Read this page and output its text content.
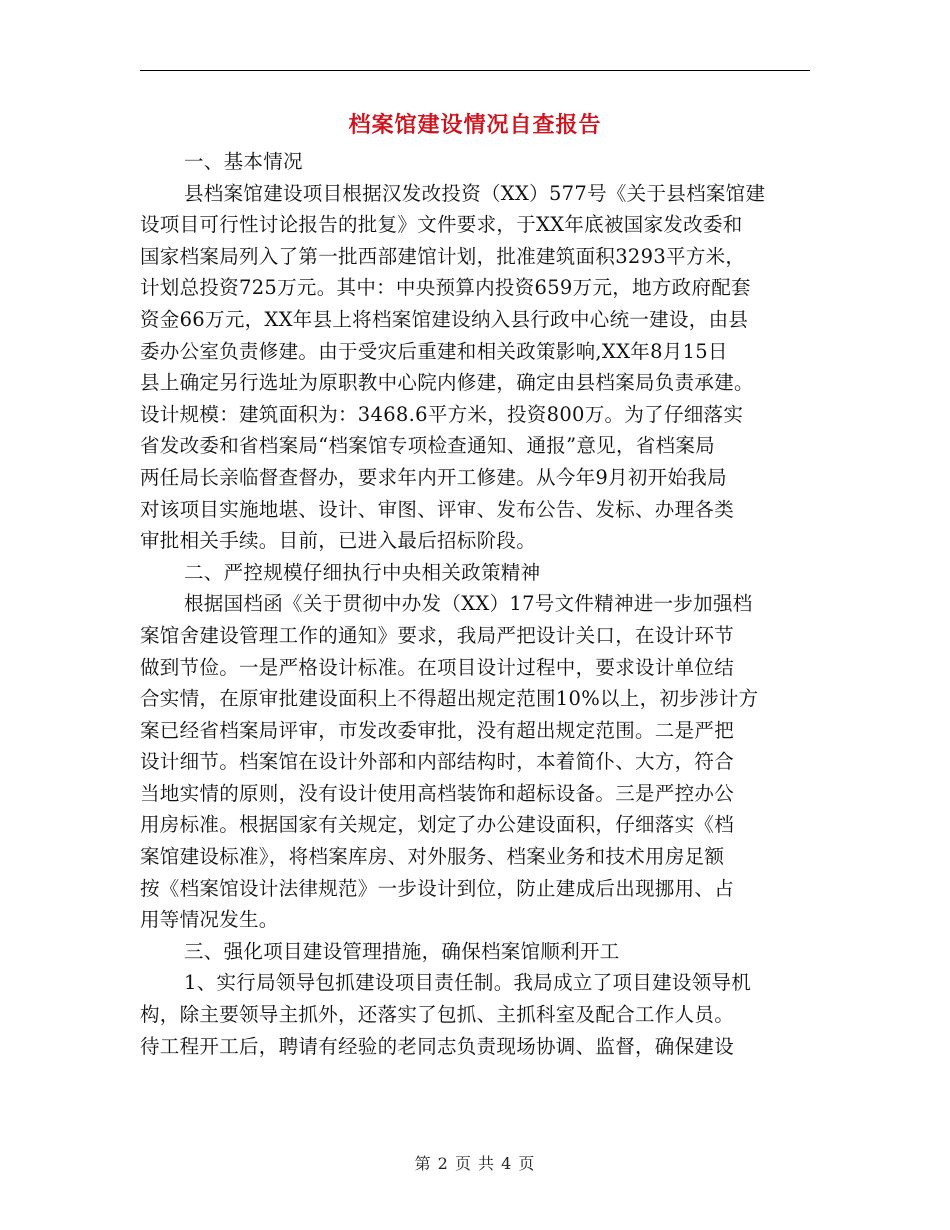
档案馆建设情况自查报告
一、基本情况
县档案馆建设项目根据汉发改投资（XX）577号《关于县档案馆建
设项目可行性讨论报告的批复》文件要求，于XX年底被国家发改委和
国家档案局列入了第一批西部建馆计划，批准建筑面积3293平方米，
计划总投资725万元。其中：中央预算内投资659万元，地方政府配套
资金66万元，XX年县上将档案馆建设纳入县行政中心统一建设，由县
委办公室负责修建。由于受灾后重建和相关政策影响,XX年8月15日
县上确定另行选址为原职教中心院内修建，确定由县档案局负责承建。
设计规模：建筑面积为：3468.6平方米，投资800万。为了仔细落实
省发改委和省档案局“档案馆专项检查通知、通报”意见，省档案局
两任局长亲临督查督办，要求年内开工修建。从今年9月初开始我局
对该项目实施地堪、设计、审图、评审、发布公告、发标、办理各类
审批相关手续。目前，已进入最后招标阶段。
二、严控规模仔细执行中央相关政策精神
根据国档函《关于贯彻中办发（XX）17号文件精神进一步加强档
案馆舍建设管理工作的通知》要求，我局严把设计关口，在设计环节
做到节俭。一是严格设计标准。在项目设计过程中，要求设计单位结
合实情，在原审批建设面积上不得超出规定范围10%以上，初步涉计方
案已经省档案局评审，市发改委审批，没有超出规定范围。二是严把
设计细节。档案馆在设计外部和内部结构时，本着简仆、大方，符合
当地实情的原则，没有设计使用高档装饰和超标设备。三是严控办公
用房标准。根据国家有关规定，划定了办公建设面积，仔细落实《档
案馆建设标准》，将档案库房、对外服务、档案业务和技术用房足额
按《档案馆设计法律规范》一步设计到位，防止建成后出现挪用、占
用等情况发生。
三、强化项目建设管理措施，确保档案馆顺利开工
1、实行局领导包抓建设项目责任制。我局成立了项目建设领导机
构，除主要领导主抓外，还落实了包抓、主抓科室及配合工作人员。
待工程开工后，聘请有经验的老同志负责现场协调、监督，确保建设
第 2 页 共 4 页
